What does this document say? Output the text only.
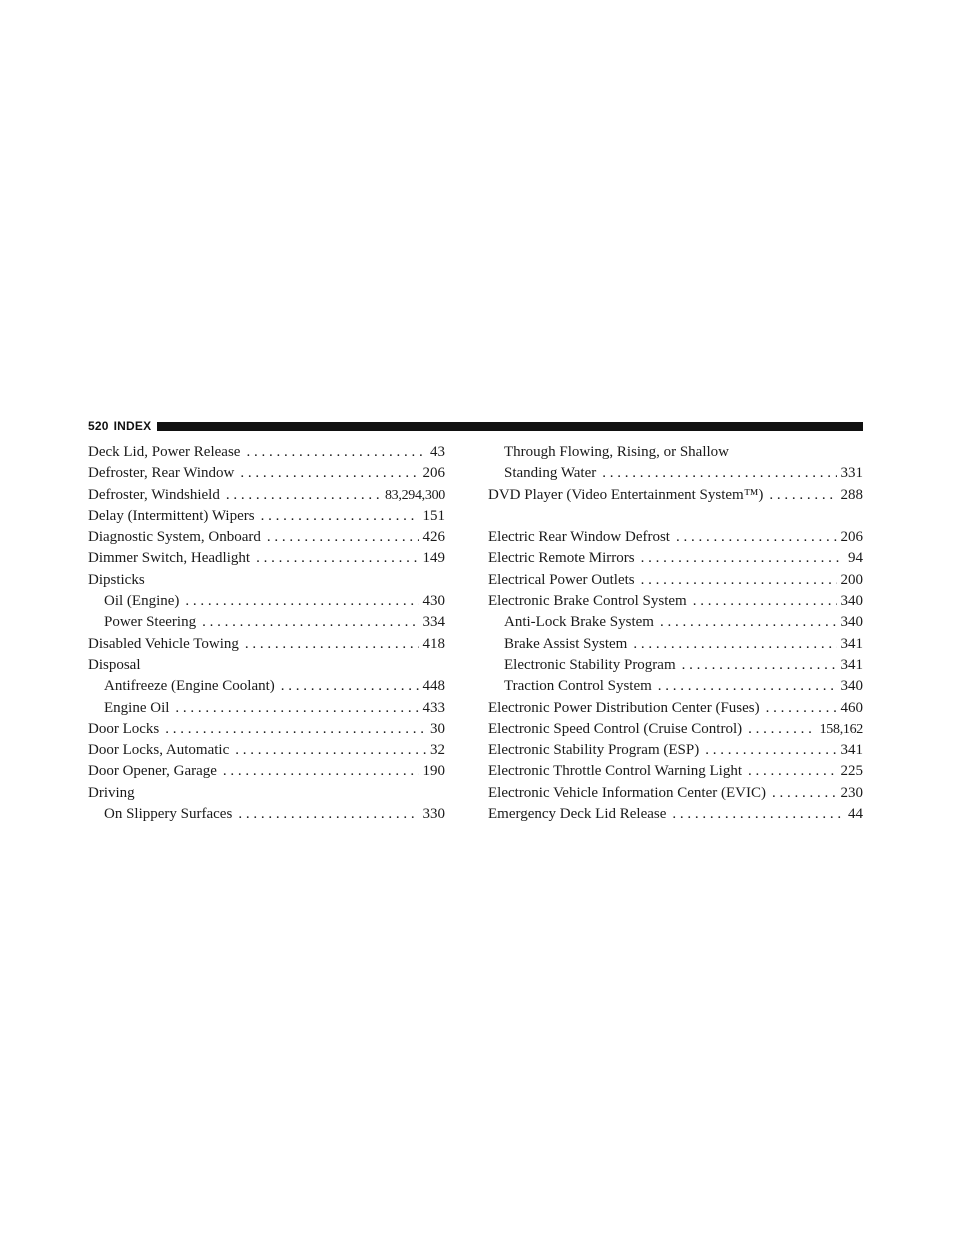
520 INDEX
Deck Lid, Power Release . . .	43
Defroster, Rear Window . . .	206
Defroster, Windshield . . .	83,294,300
Delay (Intermittent) Wipers . . .	151
Diagnostic System, Onboard . . .	426
Dimmer Switch, Headlight . . .	149
Dipsticks
Oil (Engine) . . .	430
Power Steering . . .	334
Disabled Vehicle Towing . . .	418
Disposal
Antifreeze (Engine Coolant) . . .	448
Engine Oil . . .	433
Door Locks . . .	30
Door Locks, Automatic . . .	32
Door Opener, Garage . . .	190
Driving
On Slippery Surfaces . . .	330
Through Flowing, Rising, or Shallow
Standing Water . . .	331
DVD Player (Video Entertainment System™) . . .	288
Electric Rear Window Defrost . . .	206
Electric Remote Mirrors . . .	94
Electrical Power Outlets . . .	200
Electronic Brake Control System . . .	340
Anti-Lock Brake System . . .	340
Brake Assist System . . .	341
Electronic Stability Program . . .	341
Traction Control System . . .	340
Electronic Power Distribution Center (Fuses) . . .	460
Electronic Speed Control (Cruise Control) . . .	158,162
Electronic Stability Program (ESP) . . .	341
Electronic Throttle Control Warning Light . . .	225
Electronic Vehicle Information Center (EVIC) . . .	230
Emergency Deck Lid Release . . .	44
